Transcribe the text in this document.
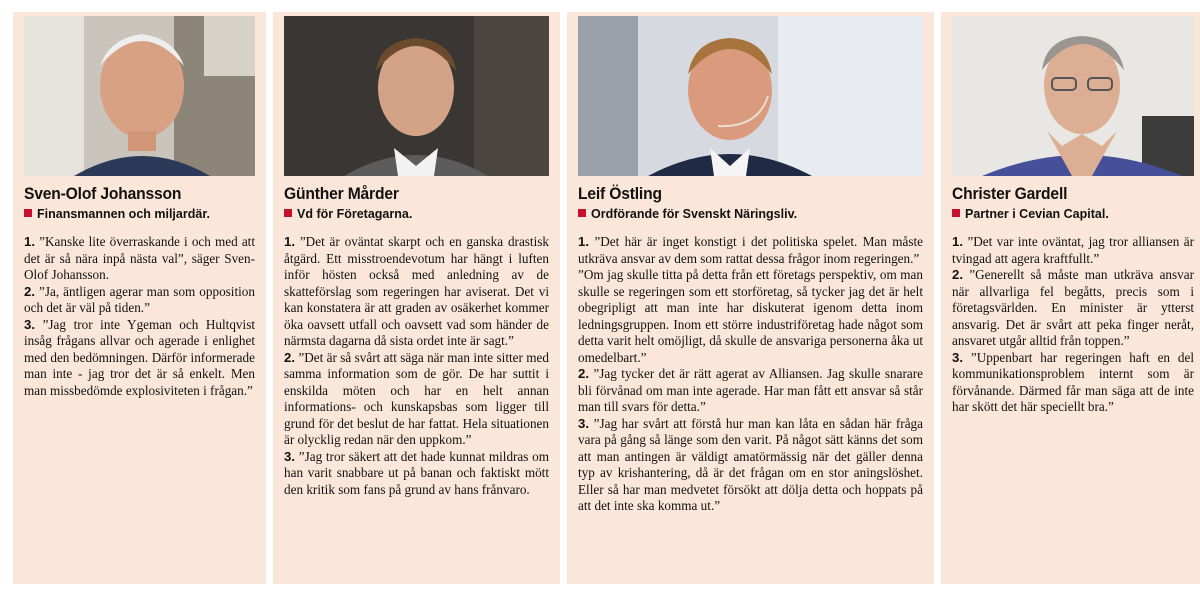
Sven-Olof Johansson
Finansmannen och miljardär.

1. ”Kanske lite överraskande i och med att det är så nära inpå nästa val”, säger Sven-Olof Johansson.

2. ”Ja, äntligen agerar man som opposition och det är väl på tiden.”

3. ”Jag tror inte Ygeman och Hultqvist insåg frågans allvar och agerade i enlighet med den bedömningen. Därför informerade man inte - jag tror det är så enkelt. Men man missbedömde explosiviteten i frågan.”

Günther Mårder
Vd för Företagarna.

1. ”Det är oväntat skarpt och en ganska drastisk åtgärd. Ett misstroendevotum har hängt i luften inför hösten också med anledning av de skatteförslag som regeringen har aviserat. Det vi kan konstatera är att graden av osäkerhet kommer öka oavsett utfall och oavsett vad som händer de närmsta dagarna då sista ordet inte är sagt.”

2. ”Det är så svårt att säga när man inte sitter med samma information som de gör. De har suttit i enskilda möten och har en helt annan informations- och kunskapsbas som ligger till grund för det beslut de har fattat. Hela situationen är olycklig redan när den uppkom.”

3. ”Jag tror säkert att det hade kunnat mildras om han varit snabbare ut på banan och faktiskt mött den kritik som fans på grund av hans frånvaro.

Leif Östling
Ordförande för Svenskt Näringsliv.

1. ”Det här är inget konstigt i det politiska spelet. Man måste utkräva ansvar av dem som rattat dessa frågor inom regeringen.”

”Om jag skulle titta på detta från ett företags perspektiv, om man skulle se regeringen som ett storföretag, så tycker jag det är helt obegripligt att man inte har diskuterat igenom detta inom ledningsgruppen. Inom ett större industriföretag hade något som detta varit helt omöjligt, då skulle de ansvariga personerna åka ut omedelbart.”

2. ”Jag tycker det är rätt agerat av Alliansen. Jag skulle snarare bli förvånad om man inte agerade. Har man fått ett ansvar så står man till svars för detta.”

3. ”Jag har svårt att förstå hur man kan låta en sådan här fråga vara på gång så länge som den varit. På något sätt känns det som att man antingen är väldigt amatörmässig när det gäller denna typ av krishantering, då är det frågan om en stor aningslöshet. Eller så har man medvetet försökt att dölja detta och hoppats på att det inte ska komma ut.”

Christer Gardell
Partner i Cevian Capital.

1. ”Det var inte oväntat, jag tror alliansen är tvingad att agera kraftfullt.”

2. ”Generellt så måste man utkräva ansvar när allvarliga fel begåtts, precis som i företagsvärlden. En minister är ytterst ansvarig. Det är svårt att peka finger neråt, ansvaret utgår alltid från toppen.”

3. ”Uppenbart har regeringen haft en del kommunikationsproblem internt som är förvånande. Därmed får man säga att de inte har skött det här speciellt bra.”
